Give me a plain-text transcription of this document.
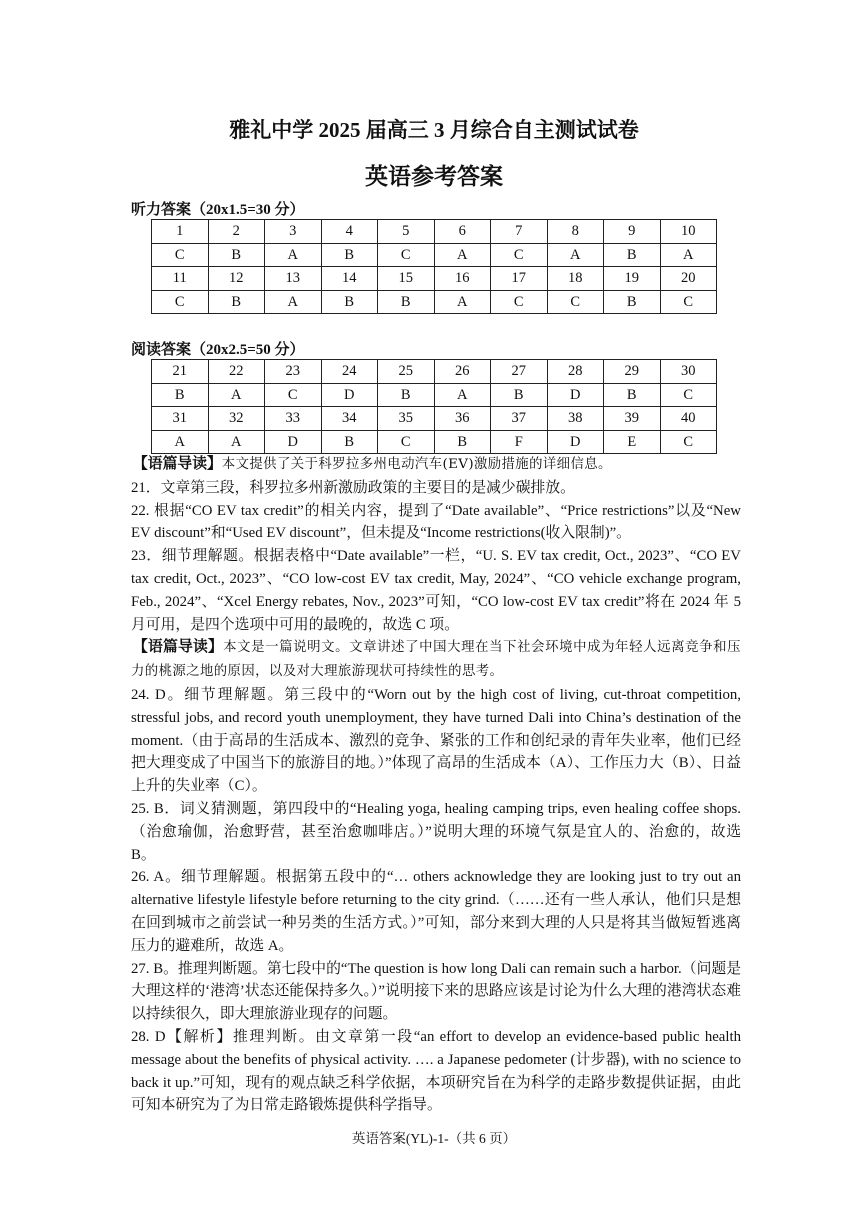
雅礼中学 2025 届高三 3 月综合自主测试试卷
英语参考答案
听力答案（20x1.5=30 分）
1	2	3	4	5	6	7	8	9	10
C	B	A	B	C	A	C	A	B	A
11	12	13	14	15	16	17	18	19	20
C	B	A	B	B	A	C	C	B	C
阅读答案（20x2.5=50 分）
21	22	23	24	25	26	27	28	29	30
B	A	C	D	B	A	B	D	B	C
31	32	33	34	35	36	37	38	39	40
A	A	D	B	C	B	F	D	E	C

【语篇导读】本文提供了关于科罗拉多州电动汽车(EV)激励措施的详细信息。

21．文章第三段，科罗拉多州新激励政策的主要目的是减少碳排放。

22. 根据“CO EV tax credit”的相关内容，提到了“Date available”、“Price restrictions”以及“New EV discount”和“Used EV discount”，但未提及“Income restrictions(收入限制)”。

23．细节理解题。根据表格中“Date available”一栏，“U. S. EV tax credit, Oct., 2023”、“CO EV tax credit, Oct., 2023”、“CO low-cost EV tax credit, May, 2024”、“CO vehicle exchange program, Feb., 2024”、“Xcel Energy rebates, Nov., 2023”可知，“CO low-cost EV tax credit”将在 2024 年 5 月可用，是四个选项中可用的最晚的，故选 C 项。

【语篇导读】本文是一篇说明文。文章讲述了中国大理在当下社会环境中成为年轻人远离竞争和压力的桃源之地的原因，以及对大理旅游现状可持续性的思考。

24. D。细节理解题。第三段中的“Worn out by the high cost of living, cut-throat competition, stressful jobs, and record youth unemployment, they have turned Dali into China’s destination of the moment.（由于高昂的生活成本、激烈的竞争、紧张的工作和创纪录的青年失业率，他们已经把大理变成了中国当下的旅游目的地。）”体现了高昂的生活成本（A）、工作压力大（B）、日益上升的失业率（C）。

25. B．词义猜测题，第四段中的“Healing yoga, healing camping trips, even healing coffee shops.（治愈瑜伽，治愈野营，甚至治愈咖啡店。）”说明大理的环境气氛是宜人的、治愈的，故选 B。

26. A。细节理解题。根据第五段中的“… others acknowledge they are looking just to try out an alternative lifestyle lifestyle before returning to the city grind.（……还有一些人承认，他们只是想在回到城市之前尝试一种另类的生活方式。）”可知，部分来到大理的人只是将其当做短暂逃离压力的避难所，故选 A。

27. B。推理判断题。第七段中的“The question is how long Dali can remain such a harbor.（问题是大理这样的‘港湾’状态还能保持多久。）”说明接下来的思路应该是讨论为什么大理的港湾状态难以持续很久，即大理旅游业现存的问题。

28. D【解析】推理判断。由文章第一段“an effort to develop an evidence-based public health message about the benefits of physical activity. …. a Japanese pedometer (计步器), with no science to back it up.”可知，现有的观点缺乏科学依据，本项研究旨在为科学的走路步数提供证据，由此可知本研究为了为日常走路锻炼提供科学指导。

英语答案(YL)-1-（共 6 页）
